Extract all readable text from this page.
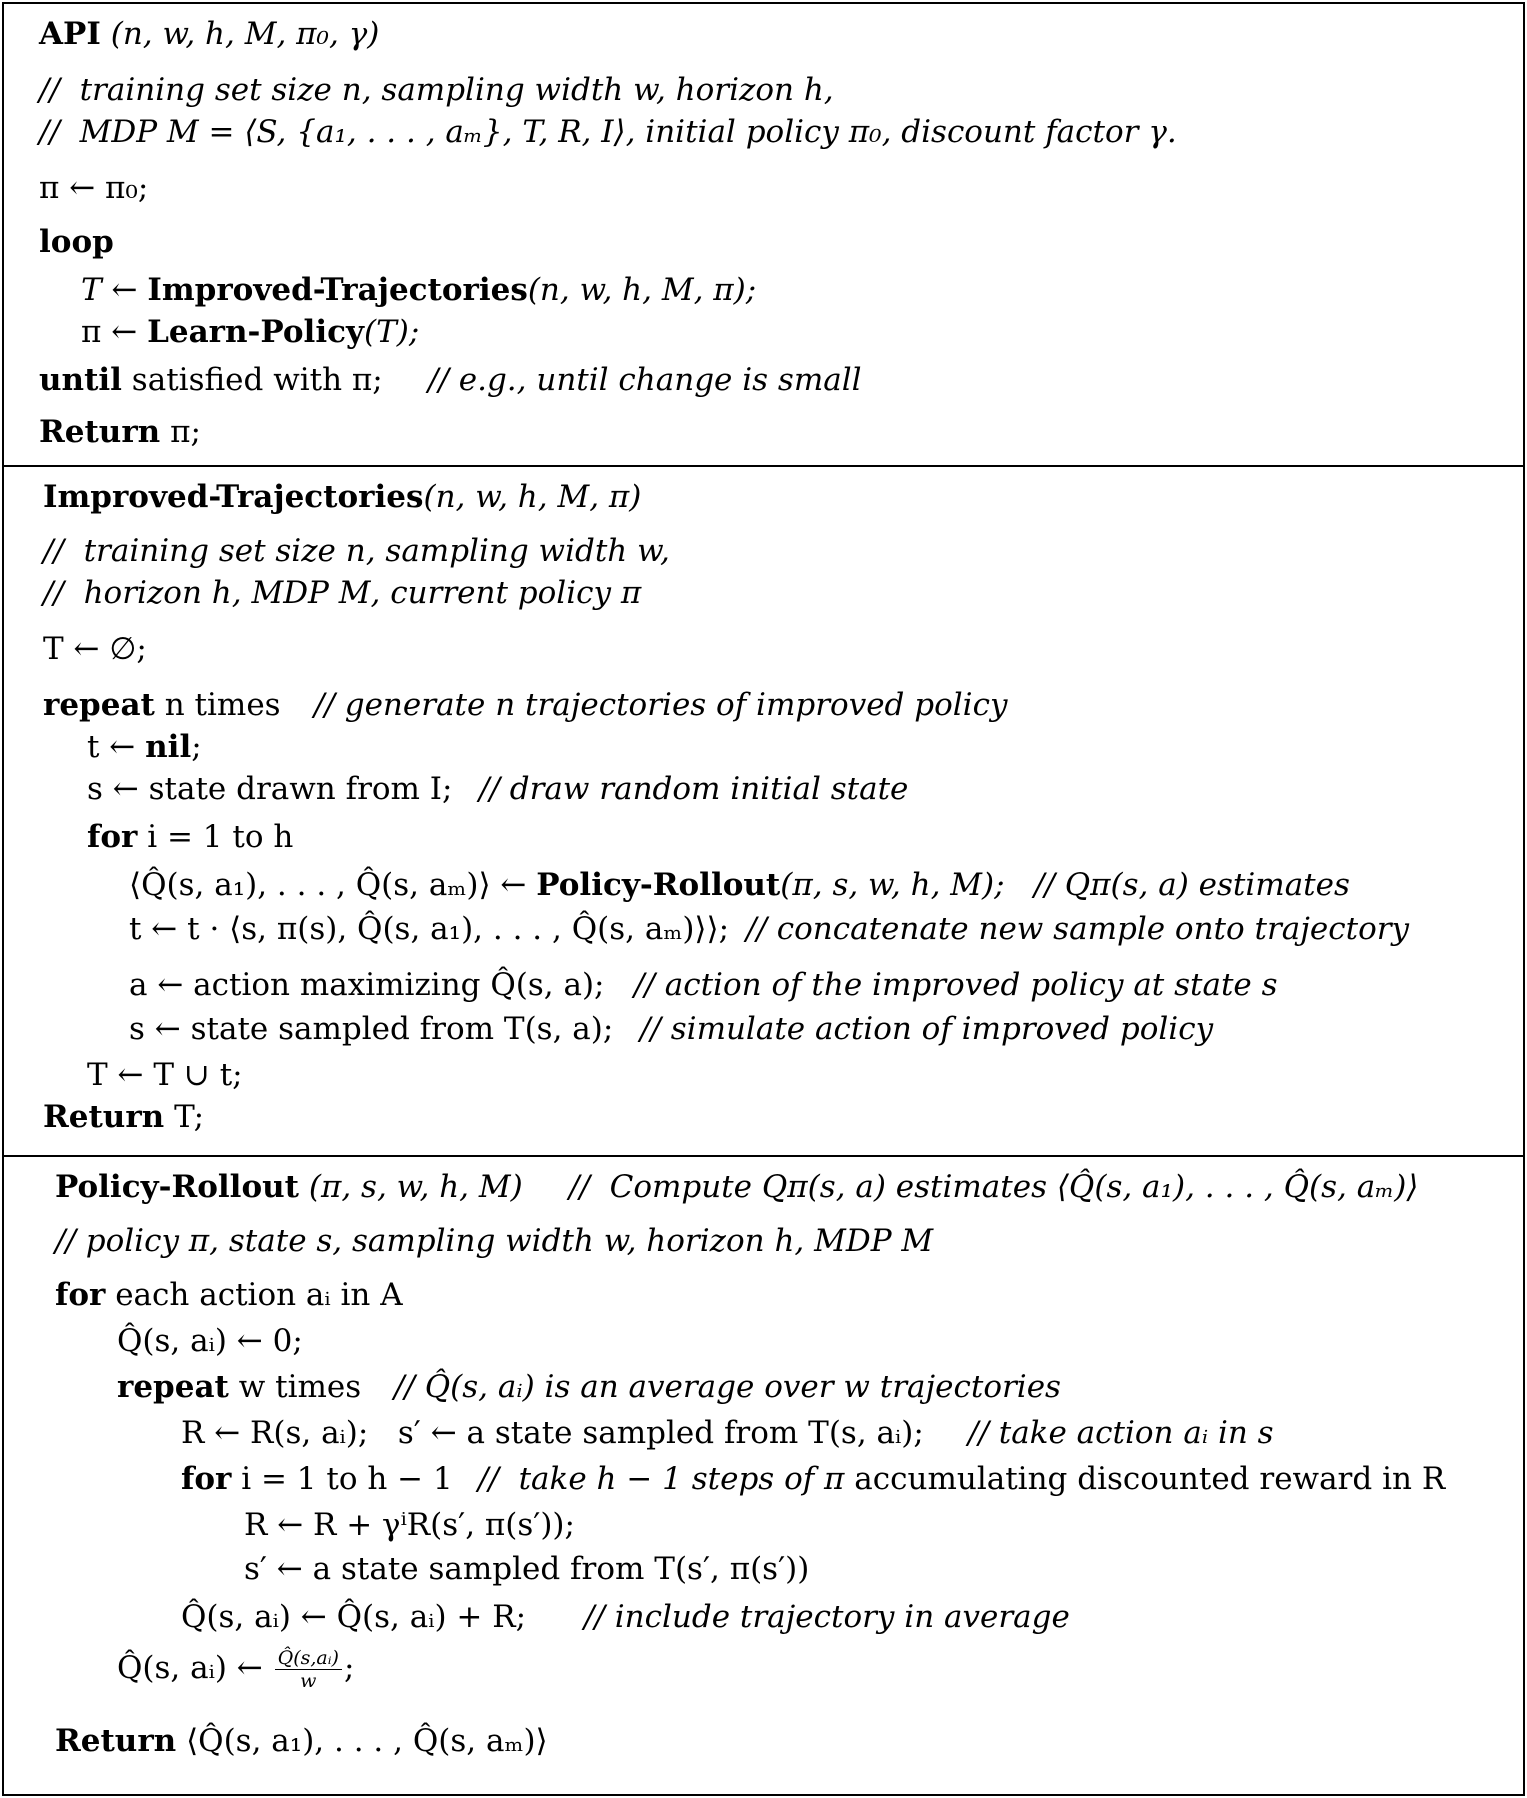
API (n, w, h, M, π₀, γ)
//  training set size n, sampling width w, horizon h,
//  MDP M = ⟨S, {a₁, . . . , aₘ}, T, R, I⟩, initial policy π₀, discount factor γ.
π ← π₀;
loop
T ← Improved-Trajectories(n, w, h, M, π);
π ← Learn-Policy(T);
until satisfied with π; // e.g., until change is small
Return π;
Improved-Trajectories(n, w, h, M, π)
//  training set size n, sampling width w,
//  horizon h, MDP M, current policy π
T ← ∅;
repeat n times // generate n trajectories of improved policy
t ← nil;
s ← state drawn from I; // draw random initial state
for i = 1 to h
⟨Q̂(s, a₁), . . . , Q̂(s, aₘ)⟩ ← Policy-Rollout(π, s, w, h, M); // Qπ(s, a) estimates
t ← t · ⟨s, π(s), Q̂(s, a₁), . . . , Q̂(s, aₘ)⟩⟩; // concatenate new sample onto trajectory
a ← action maximizing Q̂(s, a); // action of the improved policy at state s
s ← state sampled from T(s, a); // simulate action of improved policy
T ← T ∪ t;
Return T;
Policy-Rollout (π, s, w, h, M) //  Compute Qπ(s, a) estimates ⟨Q̂(s, a₁), . . . , Q̂(s, aₘ)⟩
// policy π, state s, sampling width w, horizon h, MDP M
for each action aᵢ in A
Q̂(s, aᵢ) ← 0;
repeat w times // Q̂(s, aᵢ) is an average over w trajectories
R ← R(s, aᵢ);   s′ ← a state sampled from T(s, aᵢ); // take action aᵢ in s
for i = 1 to h − 1 //  take h − 1 steps of π accumulating discounted reward in R
R ← R + γⁱR(s′, π(s′));
s′ ← a state sampled from T(s′, π(s′))
Q̂(s, aᵢ) ← Q̂(s, aᵢ) + R; // include trajectory in average
Q̂(s, aᵢ) ← $\frac{\text{Q̂(s,aᵢ)}}{w}$ ;
Return ⟨Q̂(s, a₁), . . . , Q̂(s, aₘ)⟩
